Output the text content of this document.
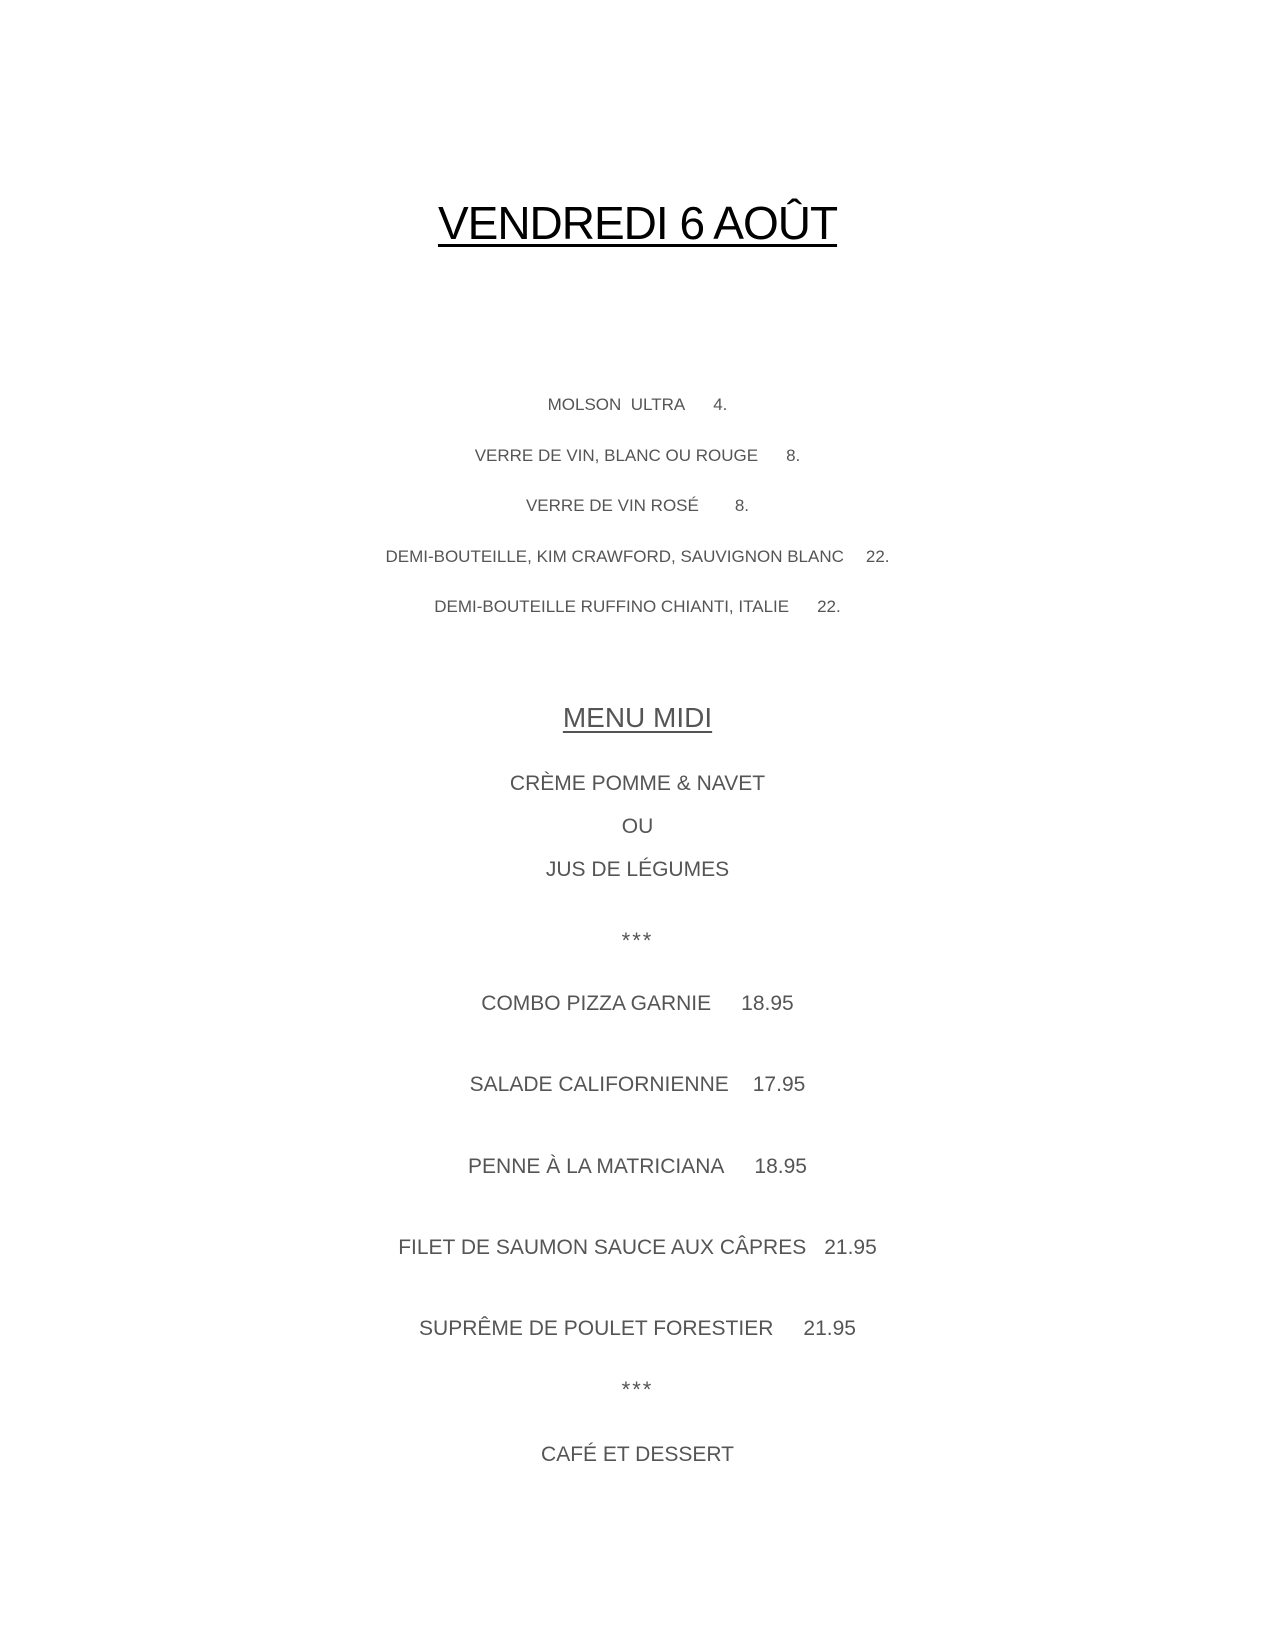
VENDREDI 6 AOÛT
MOLSON  ULTRA 4.
VERRE DE VIN, BLANC OU ROUGE 8.
VERRE DE VIN ROSÉ 8.
DEMI-BOUTEILLE, KIM CRAWFORD, SAUVIGNON BLANC 22.
DEMI-BOUTEILLE RUFFINO CHIANTI, ITALIE 22.
MENU MIDI
CRÈME POMME & NAVET
OU
JUS DE LÉGUMES
***
COMBO PIZZA GARNIE 18.95
SALADE CALIFORNIENNE 17.95
PENNE À LA MATRICIANA 18.95
FILET DE SAUMON SAUCE AUX CÂPRES 21.95
SUPRÊME DE POULET FORESTIER 21.95
***
CAFÉ ET DESSERT
